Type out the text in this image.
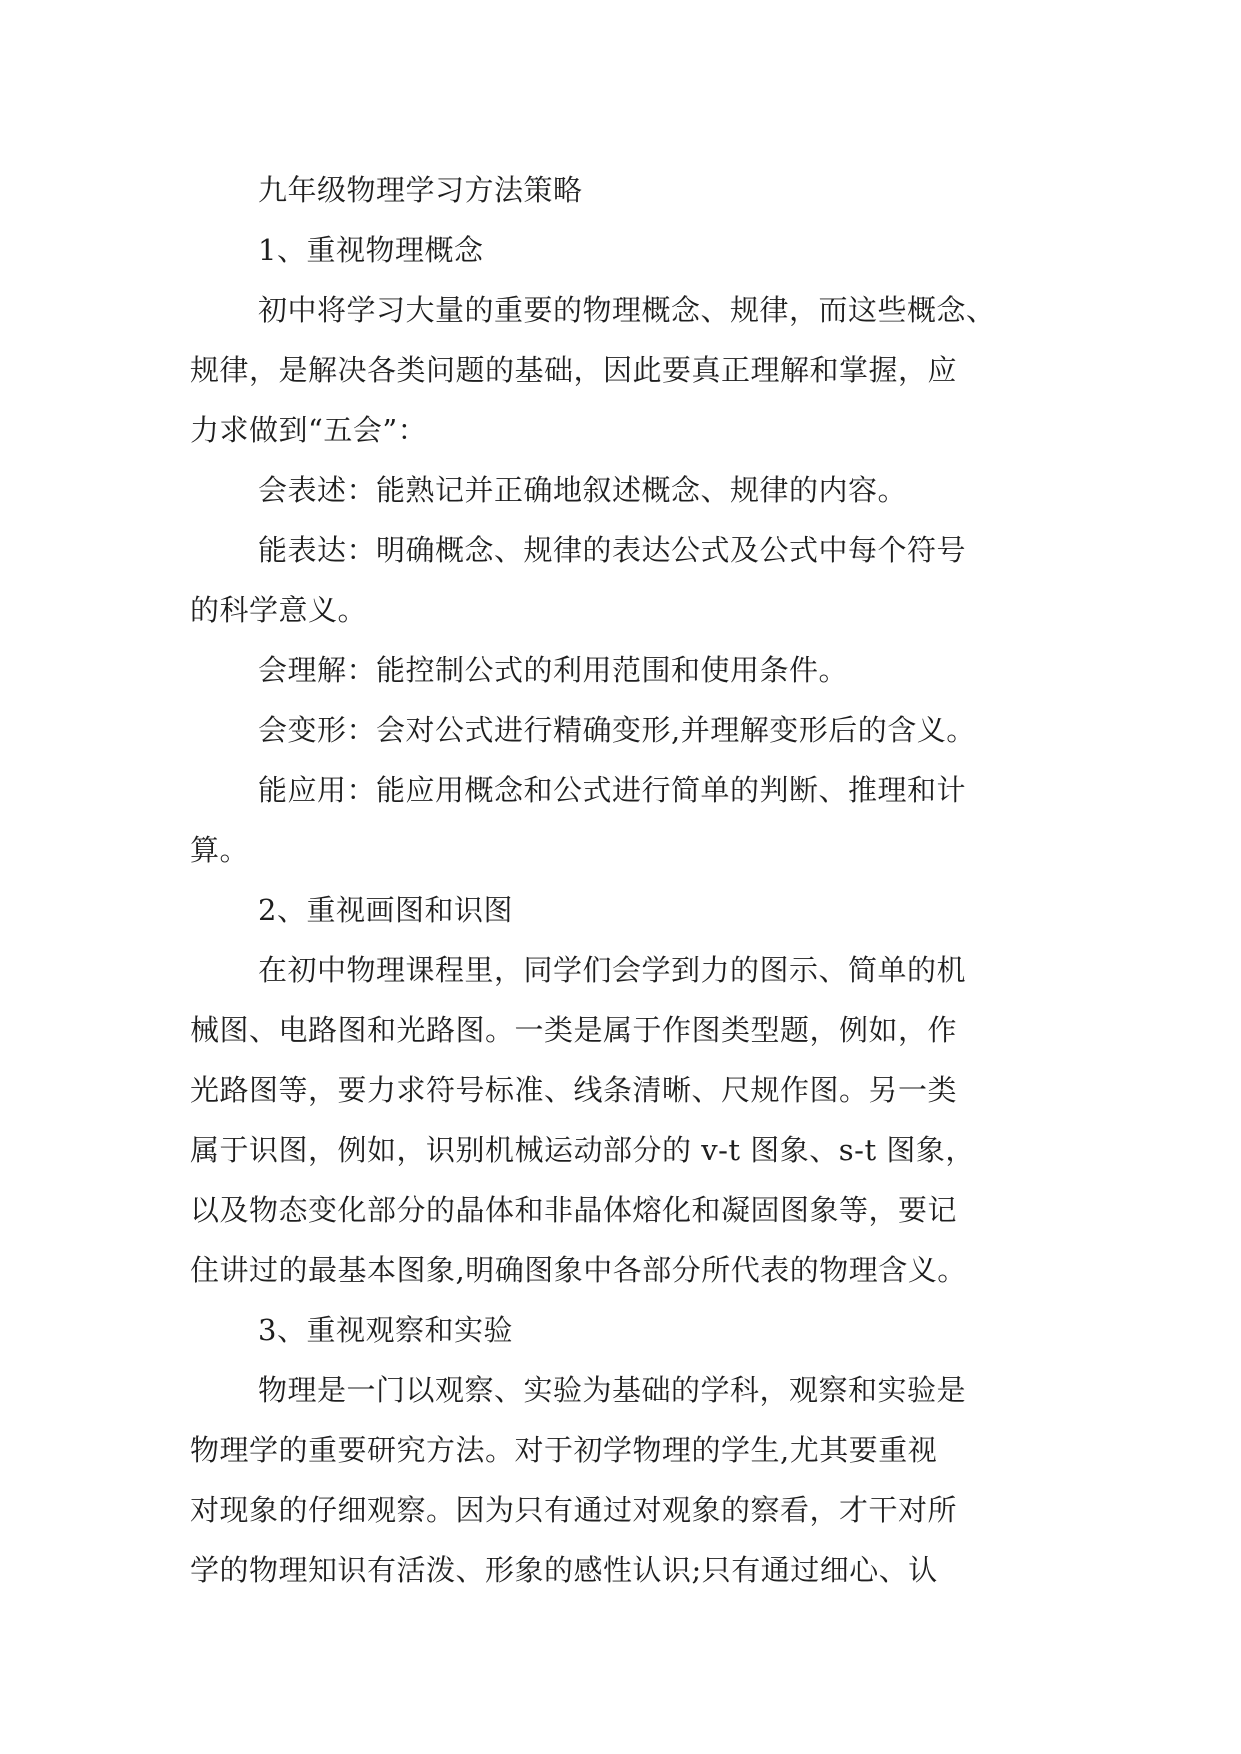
九年级物理学习方法策略
1、重视物理概念
初中将学习大量的重要的物理概念、规律，而这些概念、
规律，是解决各类问题的基础，因此要真正理解和掌握，应
力求做到“五会”：
会表述：能熟记并正确地叙述概念、规律的内容。
能表达：明确概念、规律的表达公式及公式中每个符号
的科学意义。
会理解：能控制公式的利用范围和使用条件。
会变形：会对公式进行精确变形,并理解变形后的含义。
能应用：能应用概念和公式进行简单的判断、推理和计
算。
2、重视画图和识图
在初中物理课程里，同学们会学到力的图示、简单的机
械图、电路图和光路图。一类是属于作图类型题，例如，作
光路图等，要力求符号标准、线条清晰、尺规作图。另一类
属于识图，例如，识别机械运动部分的 v-t 图象、s-t 图象，
以及物态变化部分的晶体和非晶体熔化和凝固图象等，要记
住讲过的最基本图象,明确图象中各部分所代表的物理含义。
3、重视观察和实验
物理是一门以观察、实验为基础的学科，观察和实验是
物理学的重要研究方法。对于初学物理的学生,尤其要重视
对现象的仔细观察。因为只有通过对观象的察看，才干对所
学的物理知识有活泼、形象的感性认识;只有通过细心、认
